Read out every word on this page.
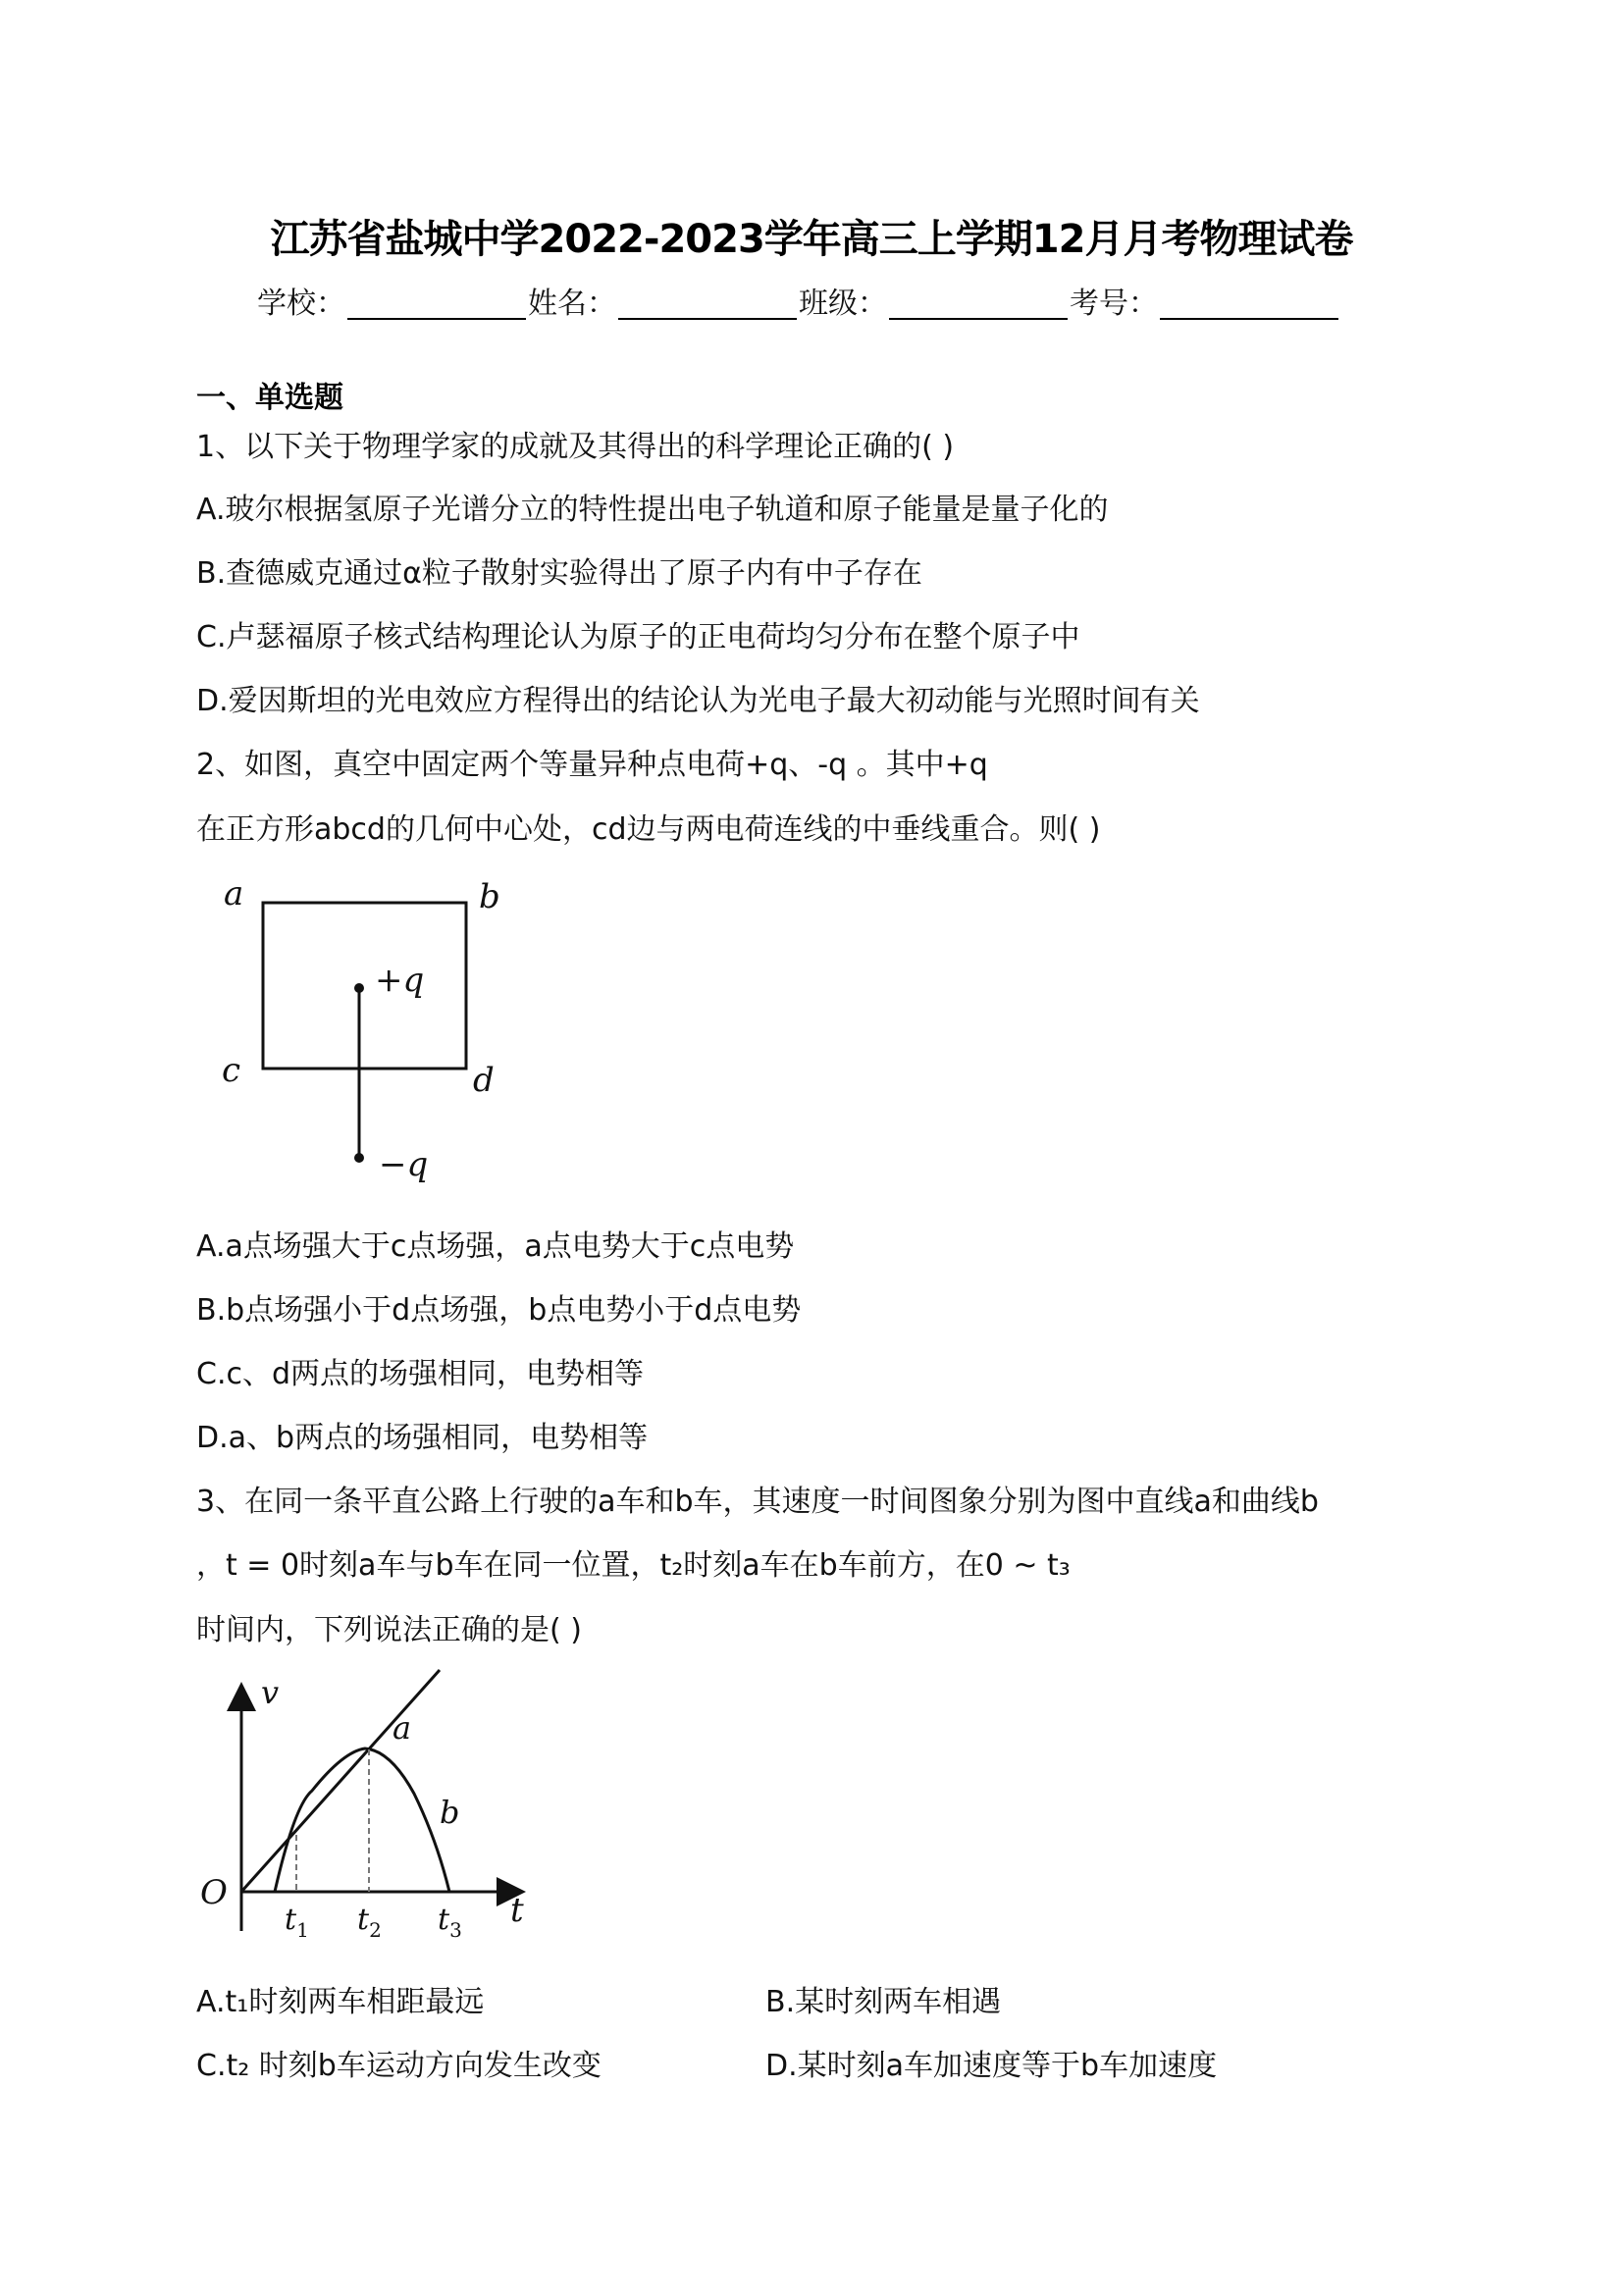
江苏省盐城中学2022-2023学年高三上学期12月月考物理试卷
学校：	姓名：	班级：	考号：
一、单选题
1、以下关于物理学家的成就及其得出的科学理论正确的( )
A.玻尔根据氢原子光谱分立的特性提出电子轨道和原子能量是量子化的
B.查德威克通过α粒子散射实验得出了原子内有中子存在
C.卢瑟福原子核式结构理论认为原子的正电荷均匀分布在整个原子中
D.爱因斯坦的光电效应方程得出的结论认为光电子最大初动能与光照时间有关
2、如图，真空中固定两个等量异种点电荷+q、-q 。其中+q
在正方形abcd的几何中心处，cd边与两电荷连线的中垂线重合。则( )
a	b
c	d
+q
−q
A.a点场强大于c点场强，a点电势大于c点电势
B.b点场强小于d点场强，b点电势小于d点电势
C.c、d两点的场强相同，电势相等
D.a、b两点的场强相同，电势相等
3、在同一条平直公路上行驶的a车和b车，其速度一时间图象分别为图中直线a和曲线b
，t = 0时刻a车与b车在同一位置，t₂时刻a车在b车前方，在0 ~ t₃
时间内，下列说法正确的是( )
v
O	t
a
b
$t_1$ $t_2$ $t_3$
A.t₁时刻两车相距最远	B.某时刻两车相遇
C.t₂ 时刻b车运动方向发生改变	D.某时刻a车加速度等于b车加速度
